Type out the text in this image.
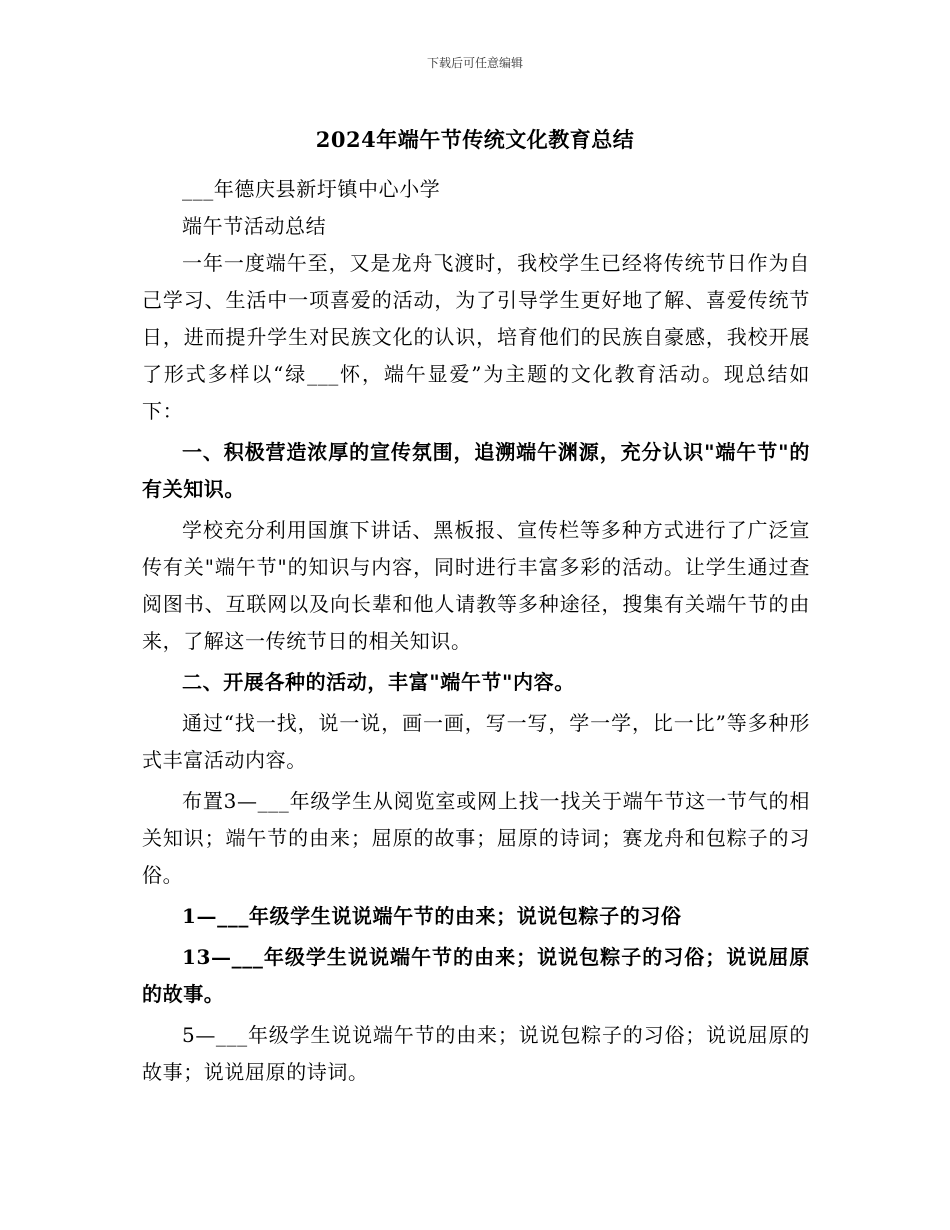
下载后可任意编辑
2024年端午节传统文化教育总结

___年德庆县新圩镇中心小学

端午节活动总结

一年一度端午至，又是龙舟飞渡时，我校学生已经将传统节日作为自己学习、生活中一项喜爱的活动，为了引导学生更好地了解、喜爱传统节日，进而提升学生对民族文化的认识，培育他们的民族自豪感，我校开展了形式多样以“绿___怀，端午显爱”为主题的文化教育活动。现总结如下：

一、积极营造浓厚的宣传氛围，追溯端午渊源，充分认识"端午节"的有关知识。

学校充分利用国旗下讲话、黑板报、宣传栏等多种方式进行了广泛宣传有关"端午节"的知识与内容，同时进行丰富多彩的活动。让学生通过查阅图书、互联网以及向长辈和他人请教等多种途径，搜集有关端午节的由来，了解这一传统节日的相关知识。

二、开展各种的活动，丰富"端午节"内容。

通过“找一找，说一说，画一画，写一写，学一学，比一比”等多种形式丰富活动内容。

布置3—___年级学生从阅览室或网上找一找关于端午节这一节气的相关知识；端午节的由来；屈原的故事；屈原的诗词；赛龙舟和包粽子的习俗。

1—___年级学生说说端午节的由来；说说包粽子的习俗

13—___年级学生说说端午节的由来；说说包粽子的习俗；说说屈原的故事。

5—___年级学生说说端午节的由来；说说包粽子的习俗；说说屈原的故事；说说屈原的诗词。
